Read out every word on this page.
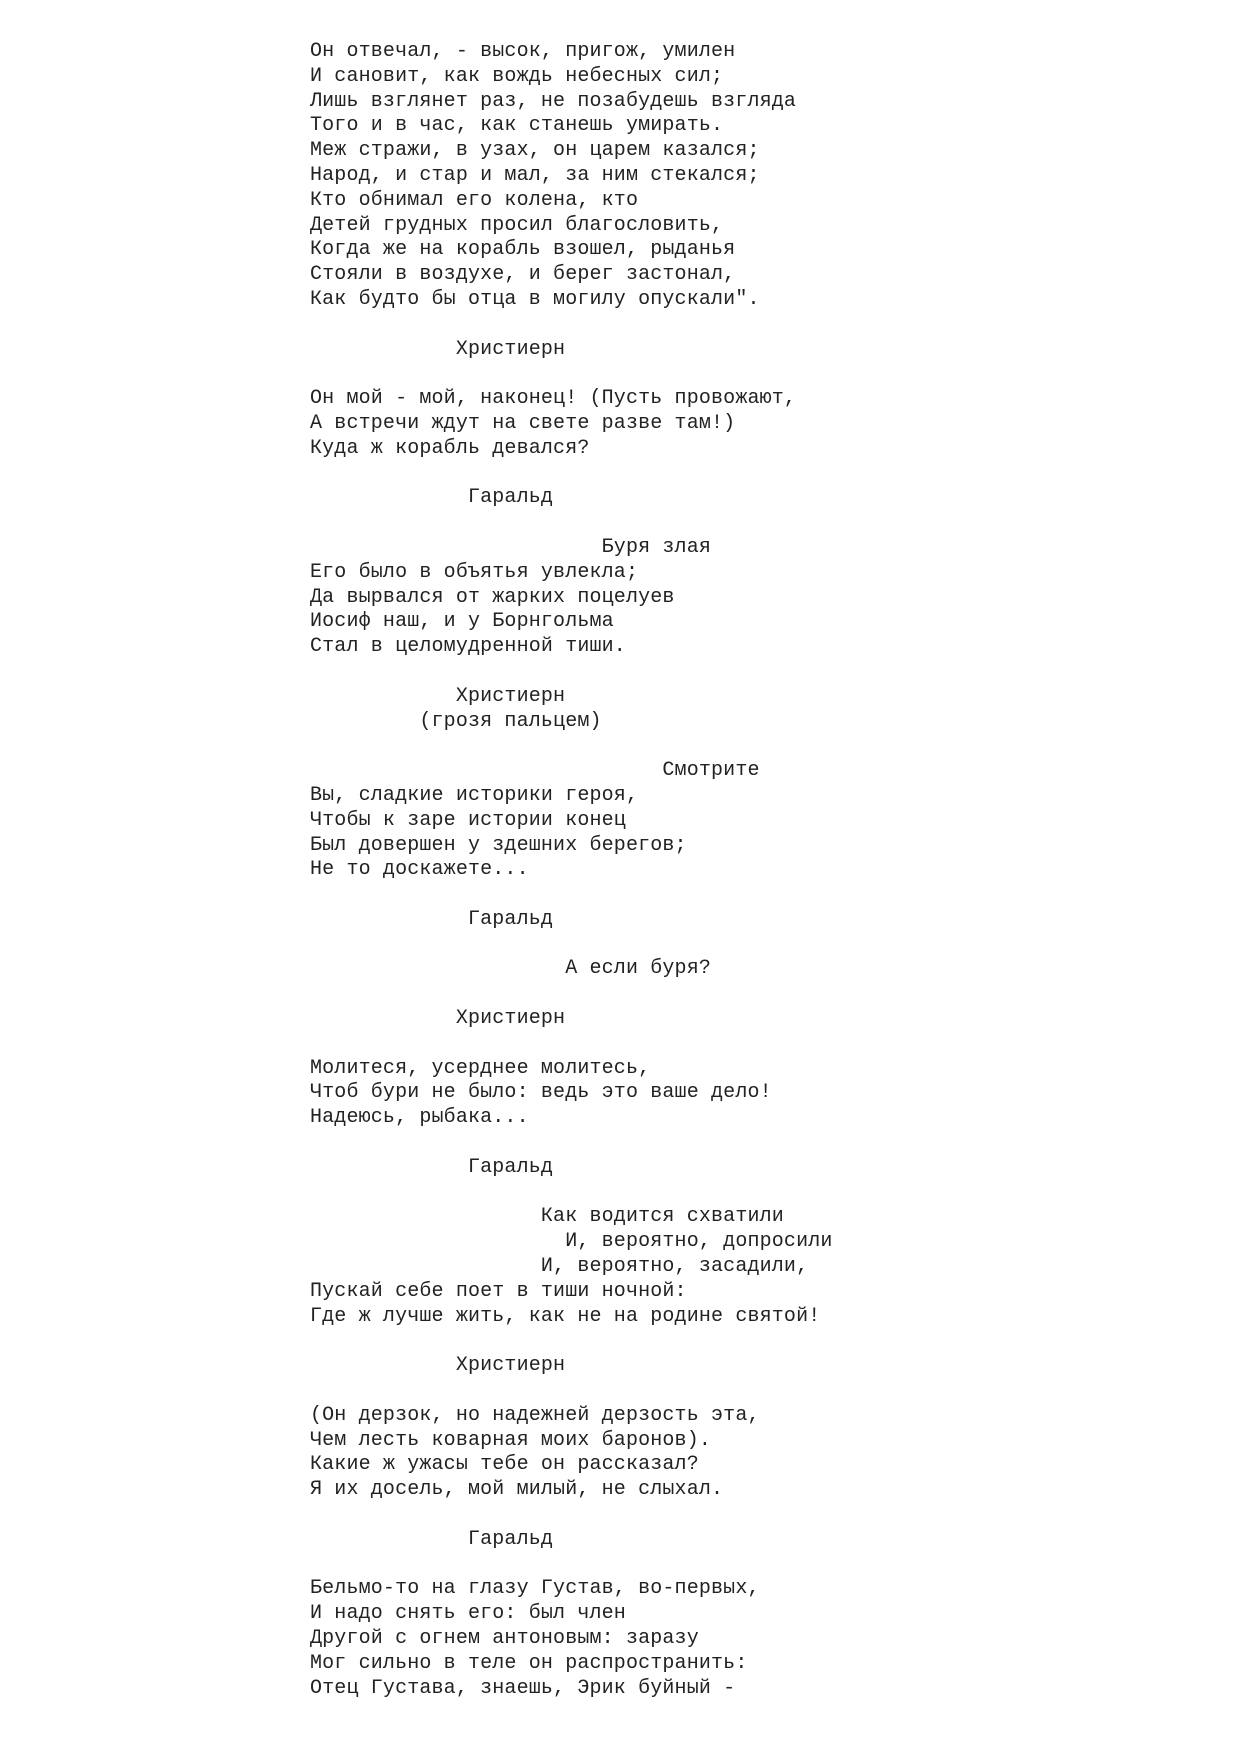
Он отвечал, - высок, пригож, умилен
И сановит, как вождь небесных сил;
Лишь взглянет раз, не позабудешь взгляда
Того и в час, как станешь умирать.
Меж стражи, в узах, он царем казался;
Народ, и стар и мал, за ним стекался;
Кто обнимал его колена, кто
Детей грудных просил благословить,
Когда же на корабль взошел, рыданья
Стояли в воздухе, и берег застонал,
Как будто бы отца в могилу опускали".
Христиерн
Он мой - мой, наконец! (Пусть провожают,
А встречи ждут на свете разве там!)
Куда ж корабль девался?
Гаральд
Буря злая
Его было в объятья увлекла;
Да вырвался от жарких поцелуев
Иосиф наш, и у Борнгольма
Стал в целомудренной тиши.
Христиерн
(грозя пальцем)
Смотрите
Вы, сладкие историки героя,
Чтобы к заре истории конец
Был довершен у здешних берегов;
Не то доскажете...
Гаральд
А если буря?
Христиерн
Молитеся, усерднее молитесь,
Чтоб бури не было: ведь это ваше дело!
Надеюсь, рыбака...
Гаральд
Как водится схватили
И, вероятно, допросили
И, вероятно, засадили,
Пускай себе поет в тиши ночной:
Где ж лучше жить, как не на родине святой!
Христиерн
(Он дерзок, но надежней дерзость эта,
Чем лесть коварная моих баронов).
Какие ж ужасы тебе он рассказал?
Я их досель, мой милый, не слыхал.
Гаральд
Бельмо-то на глазу Густав, во-первых,
И надо снять его: был член
Другой с огнем антоновым: заразу
Мог сильно в теле он распространить:
Отец Густава, знаешь, Эрик буйный -
